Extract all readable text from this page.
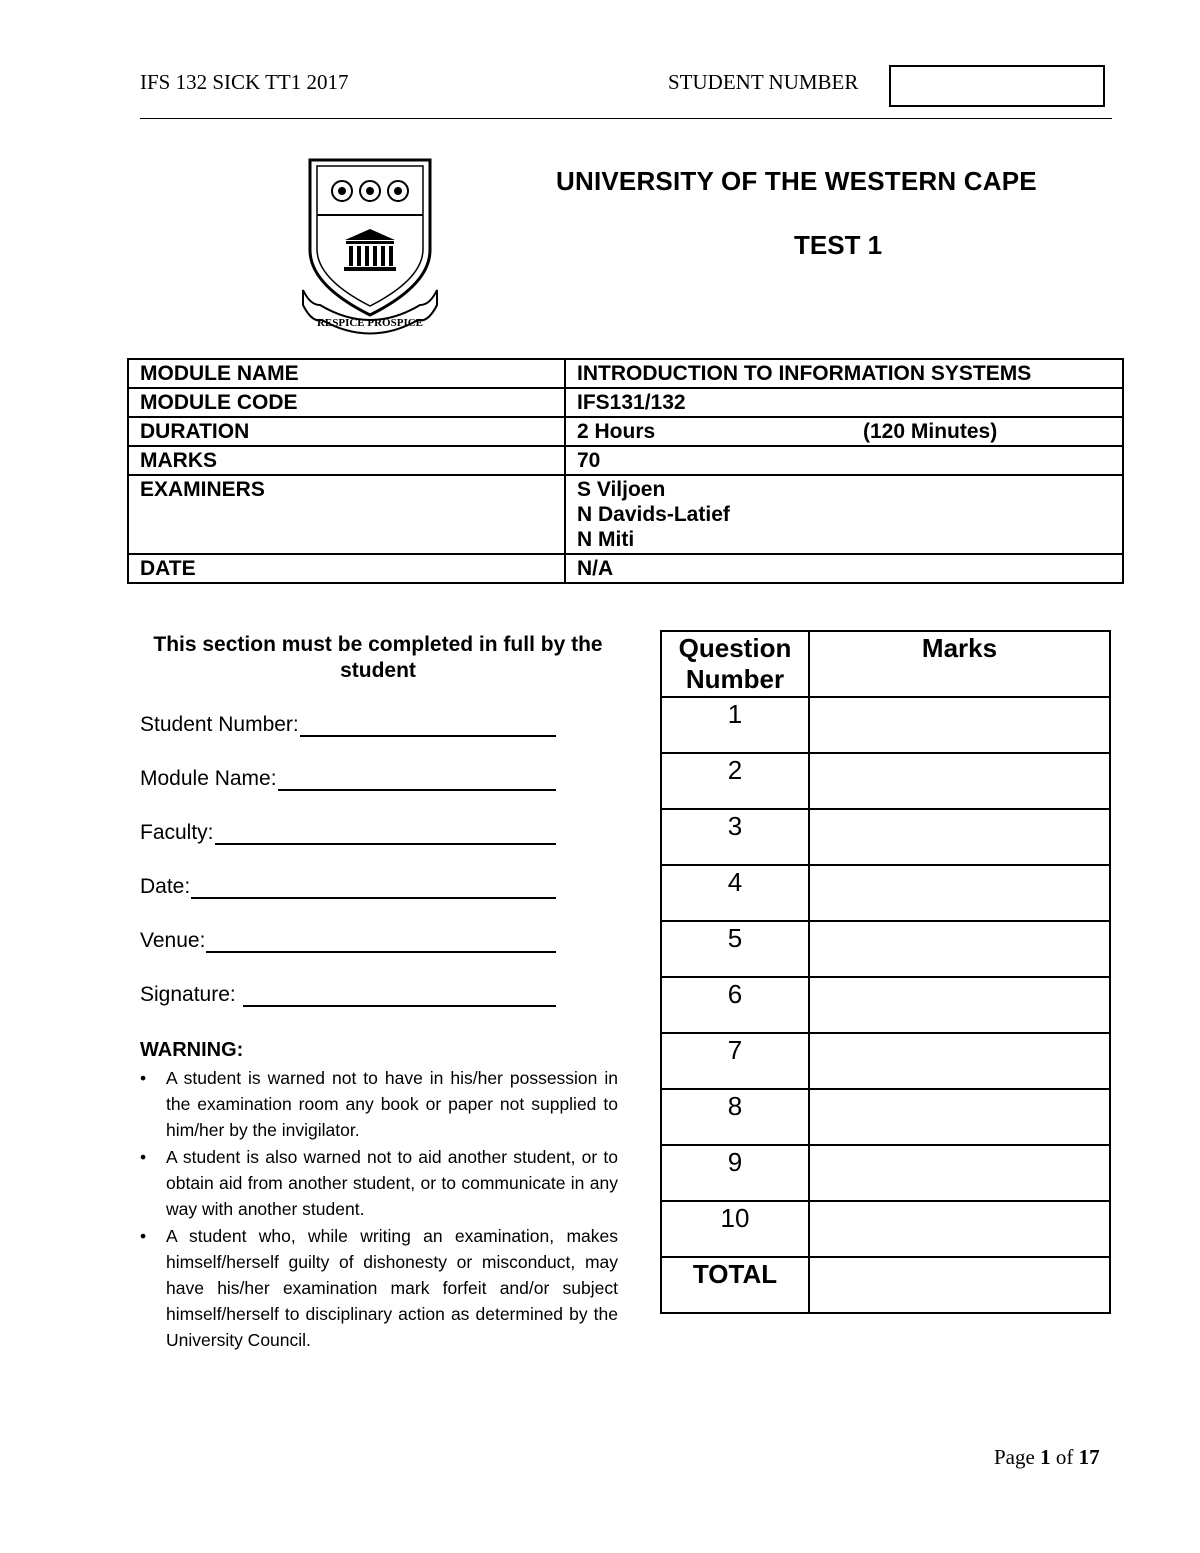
IFS 132 SICK TT1 2017	STUDENT NUMBER
RESPICE PROSPICE
UNIVERSITY OF THE WESTERN CAPE
TEST 1
MODULE NAME	INTRODUCTION TO INFORMATION SYSTEMS
MODULE CODE	IFS131/132
DURATION	2 Hours (120 Minutes)

MARKS	70
EXAMINERS	S Viljoen
N Davids-Latief
N Miti

DATE	N/A
This section must be completed in full by the student
Student Number:
Module Name:
Faculty:
Date:
Venue:
Signature:
WARNING:
• A student is warned not to have in his/her possession in the examination room any book or paper not supplied to him/her by the invigilator.
• A student is also warned not to aid another student, or to obtain aid from another student, or to communicate in any way with another student.
• A student who, while writing an examination, makes himself/herself guilty of dishonesty or misconduct, may have his/her examination mark forfeit and/or subject himself/herself to disciplinary action as determined by the University Council.
Question Number	Marks
1	
2	
3	
4	
5	
6	
7	
8	
9	
10	
TOTAL	
Page 1 of 17
